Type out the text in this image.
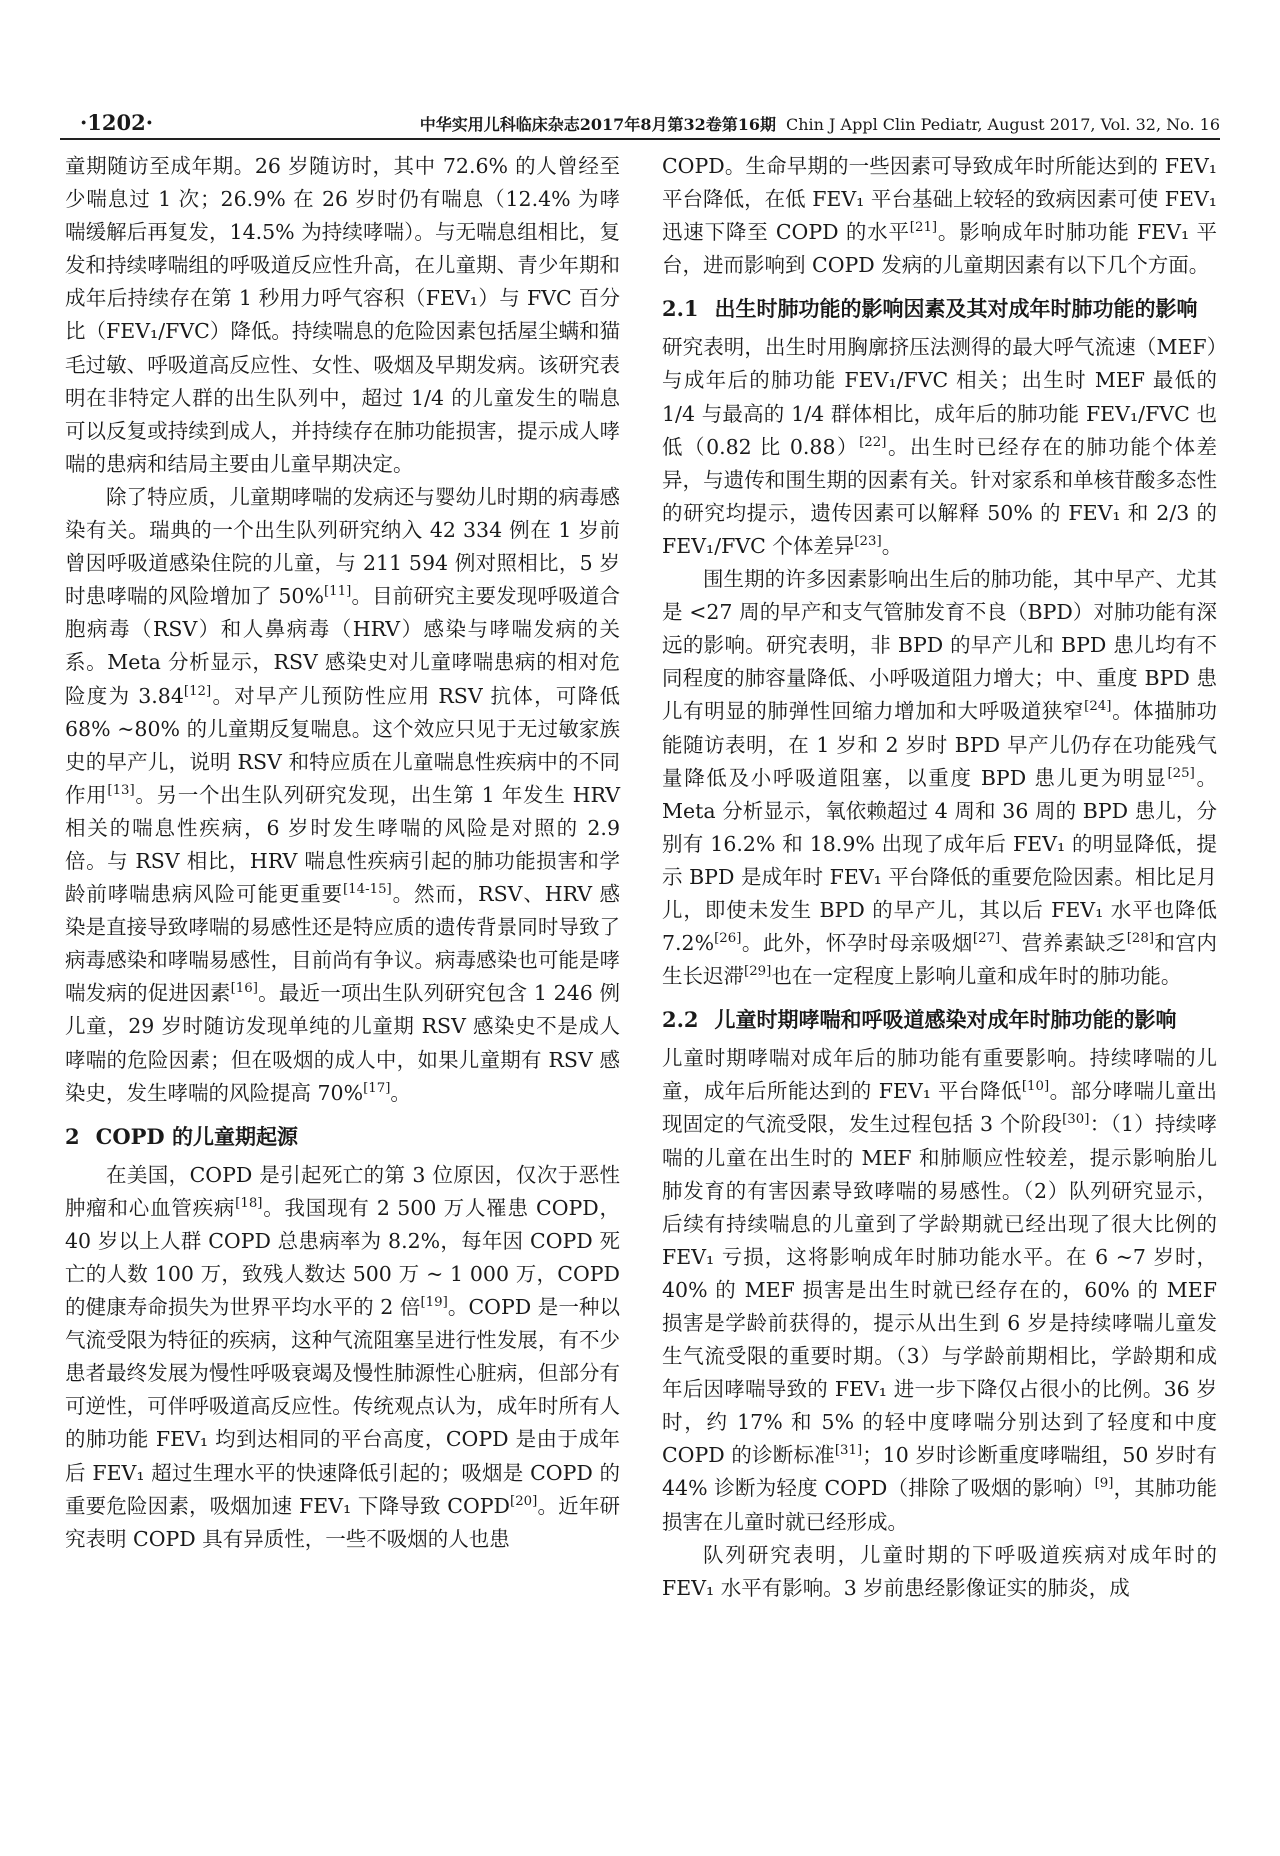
·1202·	中华实用儿科临床杂志2017年8月第32卷第16期 Chin J Appl Clin Pediatr, August 2017, Vol. 32, No. 16

童期随访至成年期。26 岁随访时，其中 72.6% 的人曾经至少喘息过 1 次；26.9% 在 26 岁时仍有喘息（12.4% 为哮喘缓解后再复发，14.5% 为持续哮喘）。与无喘息组相比，复发和持续哮喘组的呼吸道反应性升高，在儿童期、青少年期和成年后持续存在第 1 秒用力呼气容积（FEV₁）与 FVC 百分比（FEV₁/FVC）降低。持续喘息的危险因素包括屋尘螨和猫毛过敏、呼吸道高反应性、女性、吸烟及早期发病。该研究表明在非特定人群的出生队列中，超过 1/4 的儿童发生的喘息可以反复或持续到成人，并持续存在肺功能损害，提示成人哮喘的患病和结局主要由儿童早期决定。

除了特应质，儿童期哮喘的发病还与婴幼儿时期的病毒感染有关。瑞典的一个出生队列研究纳入 42 334 例在 1 岁前曾因呼吸道感染住院的儿童，与 211 594 例对照相比，5 岁时患哮喘的风险增加了 50%[11]。目前研究主要发现呼吸道合胞病毒（RSV）和人鼻病毒（HRV）感染与哮喘发病的关系。Meta 分析显示，RSV 感染史对儿童哮喘患病的相对危险度为 3.84[12]。对早产儿预防性应用 RSV 抗体，可降低 68% ~80% 的儿童期反复喘息。这个效应只见于无过敏家族史的早产儿，说明 RSV 和特应质在儿童喘息性疾病中的不同作用[13]。另一个出生队列研究发现，出生第 1 年发生 HRV 相关的喘息性疾病，6 岁时发生哮喘的风险是对照的 2.9 倍。与 RSV 相比，HRV 喘息性疾病引起的肺功能损害和学龄前哮喘患病风险可能更重要[14-15]。然而，RSV、HRV 感染是直接导致哮喘的易感性还是特应质的遗传背景同时导致了病毒感染和哮喘易感性，目前尚有争议。病毒感染也可能是哮喘发病的促进因素[16]。最近一项出生队列研究包含 1 246 例儿童，29 岁时随访发现单纯的儿童期 RSV 感染史不是成人哮喘的危险因素；但在吸烟的成人中，如果儿童期有 RSV 感染史，发生哮喘的风险提高 70%[17]。

2 COPD 的儿童期起源

在美国，COPD 是引起死亡的第 3 位原因，仅次于恶性肿瘤和心血管疾病[18]。我国现有 2 500 万人罹患 COPD，40 岁以上人群 COPD 总患病率为 8.2%，每年因 COPD 死亡的人数 100 万，致残人数达 500 万 ~ 1 000 万，COPD 的健康寿命损失为世界平均水平的 2 倍[19]。COPD 是一种以气流受限为特征的疾病，这种气流阻塞呈进行性发展，有不少患者最终发展为慢性呼吸衰竭及慢性肺源性心脏病，但部分有可逆性，可伴呼吸道高反应性。传统观点认为，成年时所有人的肺功能 FEV₁ 均到达相同的平台高度，COPD 是由于成年后 FEV₁ 超过生理水平的快速降低引起的；吸烟是 COPD 的重要危险因素，吸烟加速 FEV₁ 下降导致 COPD[20]。近年研究表明 COPD 具有异质性，一些不吸烟的人也患

COPD。生命早期的一些因素可导致成年时所能达到的 FEV₁ 平台降低，在低 FEV₁ 平台基础上较轻的致病因素可使 FEV₁ 迅速下降至 COPD 的水平[21]。影响成年时肺功能 FEV₁ 平台，进而影响到 COPD 发病的儿童期因素有以下几个方面。

2.1 出生时肺功能的影响因素及其对成年时肺功能的影响

研究表明，出生时用胸廓挤压法测得的最大呼气流速（MEF）与成年后的肺功能 FEV₁/FVC 相关；出生时 MEF 最低的 1/4 与最高的 1/4 群体相比，成年后的肺功能 FEV₁/FVC 也低（0.82 比 0.88）[22]。出生时已经存在的肺功能个体差异，与遗传和围生期的因素有关。针对家系和单核苷酸多态性的研究均提示，遗传因素可以解释 50% 的 FEV₁ 和 2/3 的 FEV₁/FVC 个体差异[23]。

围生期的许多因素影响出生后的肺功能，其中早产、尤其是 <27 周的早产和支气管肺发育不良（BPD）对肺功能有深远的影响。研究表明，非 BPD 的早产儿和 BPD 患儿均有不同程度的肺容量降低、小呼吸道阻力增大；中、重度 BPD 患儿有明显的肺弹性回缩力增加和大呼吸道狭窄[24]。体描肺功能随访表明，在 1 岁和 2 岁时 BPD 早产儿仍存在功能残气量降低及小呼吸道阻塞，以重度 BPD 患儿更为明显[25]。Meta 分析显示，氧依赖超过 4 周和 36 周的 BPD 患儿，分别有 16.2% 和 18.9% 出现了成年后 FEV₁ 的明显降低，提示 BPD 是成年时 FEV₁ 平台降低的重要危险因素。相比足月儿，即使未发生 BPD 的早产儿，其以后 FEV₁ 水平也降低 7.2%[26]。此外，怀孕时母亲吸烟[27]、营养素缺乏[28]和宫内生长迟滞[29]也在一定程度上影响儿童和成年时的肺功能。

2.2 儿童时期哮喘和呼吸道感染对成年时肺功能的影响

儿童时期哮喘对成年后的肺功能有重要影响。持续哮喘的儿童，成年后所能达到的 FEV₁ 平台降低[10]。部分哮喘儿童出现固定的气流受限，发生过程包括 3 个阶段[30]：（1）持续哮喘的儿童在出生时的 MEF 和肺顺应性较差，提示影响胎儿肺发育的有害因素导致哮喘的易感性。（2）队列研究显示，后续有持续喘息的儿童到了学龄期就已经出现了很大比例的 FEV₁ 亏损，这将影响成年时肺功能水平。在 6 ~7 岁时，40% 的 MEF 损害是出生时就已经存在的，60% 的 MEF 损害是学龄前获得的，提示从出生到 6 岁是持续哮喘儿童发生气流受限的重要时期。（3）与学龄前期相比，学龄期和成年后因哮喘导致的 FEV₁ 进一步下降仅占很小的比例。36 岁时，约 17% 和 5% 的轻中度哮喘分别达到了轻度和中度 COPD 的诊断标准[31]；10 岁时诊断重度哮喘组，50 岁时有 44% 诊断为轻度 COPD（排除了吸烟的影响）[9]，其肺功能损害在儿童时就已经形成。

队列研究表明，儿童时期的下呼吸道疾病对成年时的 FEV₁ 水平有影响。3 岁前患经影像证实的肺炎，成
